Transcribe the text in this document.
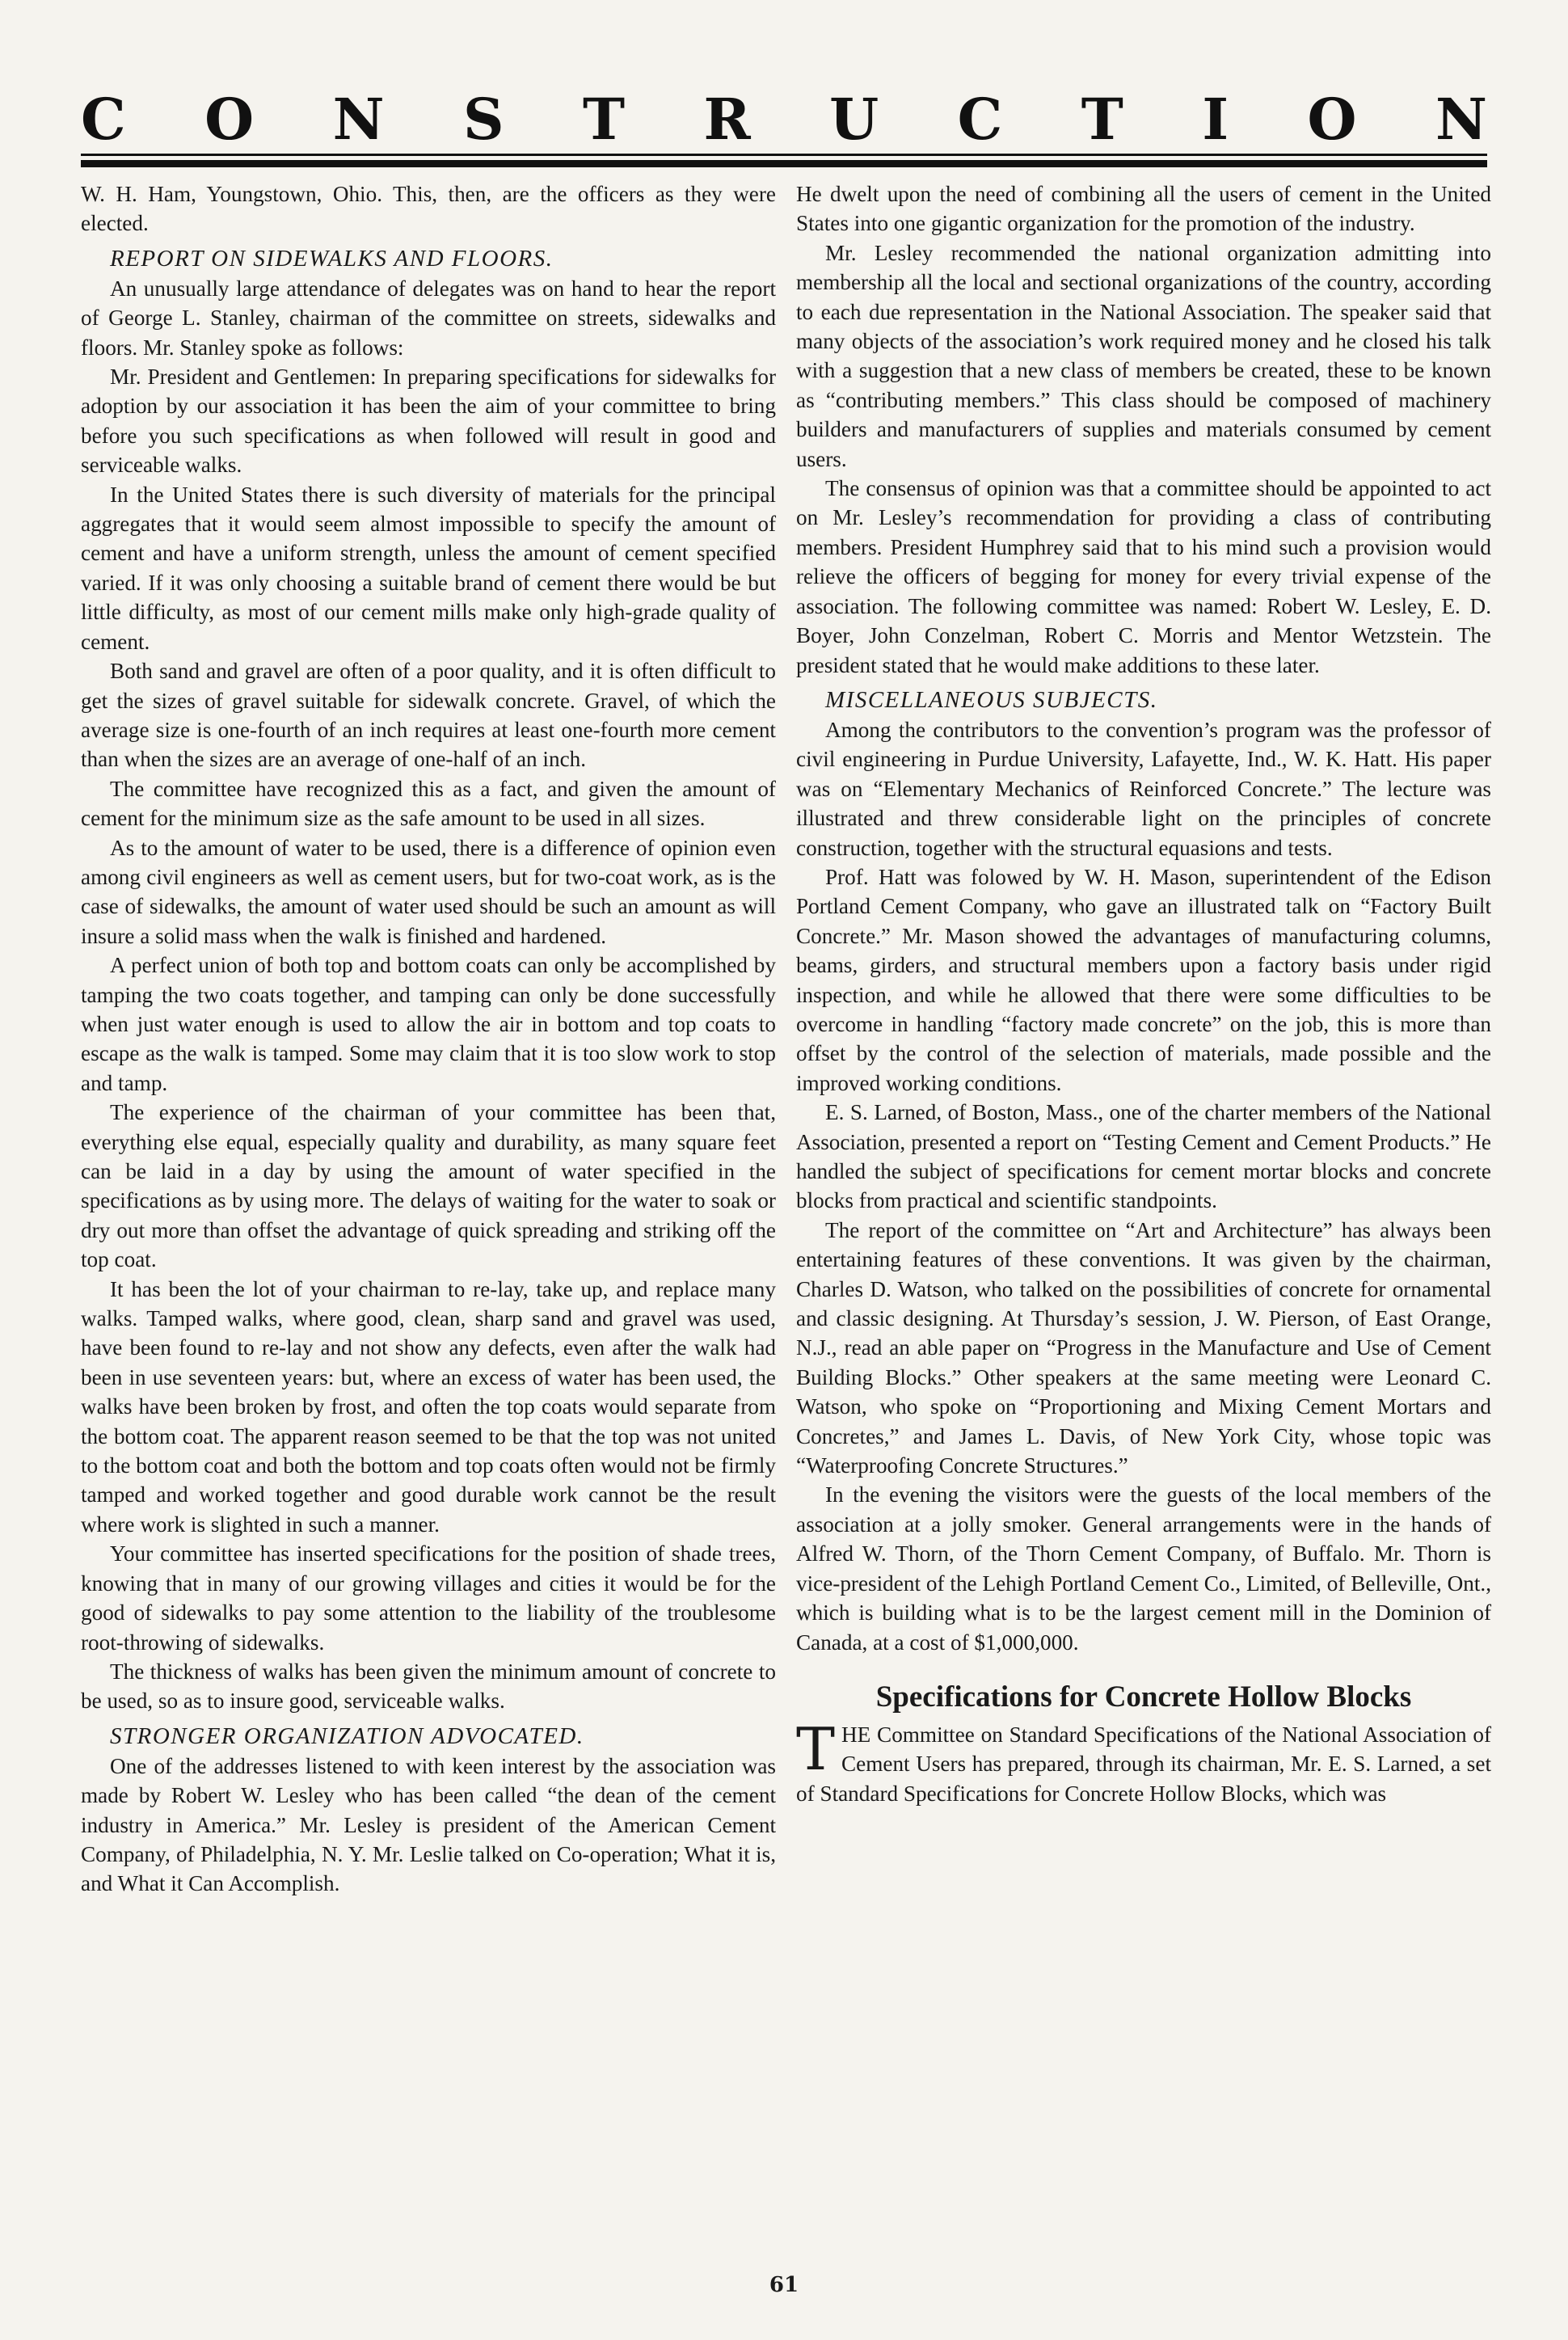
C O N S T R U C T I O N

W. H. Ham, Youngstown, Ohio. This, then, are the officers as they were elected.

REPORT ON SIDEWALKS AND FLOORS.

An unusually large attendance of delegates was on hand to hear the report of George L. Stanley, chairman of the committee on streets, sidewalks and floors. Mr. Stanley spoke as follows:

Mr. President and Gentlemen: In preparing specifications for sidewalks for adoption by our association it has been the aim of your committee to bring before you such specifications as when followed will result in good and serviceable walks.

In the United States there is such diversity of materials for the principal aggregates that it would seem almost impossible to specify the amount of cement and have a uniform strength, unless the amount of cement specified varied. If it was only choosing a suitable brand of cement there would be but little difficulty, as most of our cement mills make only high-grade quality of cement.

Both sand and gravel are often of a poor quality, and it is often difficult to get the sizes of gravel suitable for sidewalk concrete. Gravel, of which the average size is one-fourth of an inch requires at least one-fourth more cement than when the sizes are an average of one-half of an inch.

The committee have recognized this as a fact, and given the amount of cement for the minimum size as the safe amount to be used in all sizes.

As to the amount of water to be used, there is a difference of opinion even among civil engineers as well as cement users, but for two-coat work, as is the case of sidewalks, the amount of water used should be such an amount as will insure a solid mass when the walk is finished and hardened.

A perfect union of both top and bottom coats can only be accomplished by tamping the two coats together, and tamping can only be done successfully when just water enough is used to allow the air in bottom and top coats to escape as the walk is tamped. Some may claim that it is too slow work to stop and tamp.

The experience of the chairman of your committee has been that, everything else equal, especially quality and durability, as many square feet can be laid in a day by using the amount of water specified in the specifications as by using more. The delays of waiting for the water to soak or dry out more than offset the advantage of quick spreading and striking off the top coat.

It has been the lot of your chairman to re-lay, take up, and replace many walks. Tamped walks, where good, clean, sharp sand and gravel was used, have been found to re-lay and not show any defects, even after the walk had been in use seventeen years: but, where an excess of water has been used, the walks have been broken by frost, and often the top coats would separate from the bottom coat. The apparent reason seemed to be that the top was not united to the bottom coat and both the bottom and top coats often would not be firmly tamped and worked together and good durable work cannot be the result where work is slighted in such a manner.

Your committee has inserted specifications for the position of shade trees, knowing that in many of our growing villages and cities it would be for the good of sidewalks to pay some attention to the liability of the troublesome root-throwing of sidewalks.

The thickness of walks has been given the minimum amount of concrete to be used, so as to insure good, serviceable walks.

STRONGER ORGANIZATION ADVOCATED.

One of the addresses listened to with keen interest by the association was made by Robert W. Lesley who has been called “the dean of the cement industry in America.” Mr. Lesley is president of the American Cement Company, of Philadelphia, N. Y. Mr. Leslie talked on Co-operation; What it is, and What it Can Accomplish.

He dwelt upon the need of combining all the users of cement in the United States into one gigantic organization for the promotion of the industry.

Mr. Lesley recommended the national organization admitting into membership all the local and sectional organizations of the country, according to each due representation in the National Association. The speaker said that many objects of the association’s work required money and he closed his talk with a suggestion that a new class of members be created, these to be known as “contributing members.” This class should be composed of machinery builders and manufacturers of supplies and materials consumed by cement users.

The consensus of opinion was that a committee should be appointed to act on Mr. Lesley’s recommendation for providing a class of contributing members. President Humphrey said that to his mind such a provision would relieve the officers of begging for money for every trivial expense of the association. The following committee was named: Robert W. Lesley, E. D. Boyer, John Conzelman, Robert C. Morris and Mentor Wetzstein. The president stated that he would make additions to these later.

MISCELLANEOUS SUBJECTS.

Among the contributors to the convention’s program was the professor of civil engineering in Purdue University, Lafayette, Ind., W. K. Hatt. His paper was on “Elementary Mechanics of Reinforced Concrete.” The lecture was illustrated and threw considerable light on the principles of concrete construction, together with the structural equasions and tests.

Prof. Hatt was folowed by W. H. Mason, superintendent of the Edison Portland Cement Company, who gave an illustrated talk on “Factory Built Concrete.” Mr. Mason showed the advantages of manufacturing columns, beams, girders, and structural members upon a factory basis under rigid inspection, and while he allowed that there were some difficulties to be overcome in handling “factory made concrete” on the job, this is more than offset by the control of the selection of materials, made possible and the improved working conditions.

E. S. Larned, of Boston, Mass., one of the charter members of the National Association, presented a report on “Testing Cement and Cement Products.” He handled the subject of specifications for cement mortar blocks and concrete blocks from practical and scientific standpoints.

The report of the committee on “Art and Architecture” has always been entertaining features of these conventions. It was given by the chairman, Charles D. Watson, who talked on the possibilities of concrete for ornamental and classic designing. At Thursday’s session, J. W. Pierson, of East Orange, N.J., read an able paper on “Progress in the Manufacture and Use of Cement Building Blocks.” Other speakers at the same meeting were Leonard C. Watson, who spoke on “Proportioning and Mixing Cement Mortars and Concretes,” and James L. Davis, of New York City, whose topic was “Waterproofing Concrete Structures.”

In the evening the visitors were the guests of the local members of the association at a jolly smoker. General arrangements were in the hands of Alfred W. Thorn, of the Thorn Cement Company, of Buffalo. Mr. Thorn is vice-president of the Lehigh Portland Cement Co., Limited, of Belleville, Ont., which is building what is to be the largest cement mill in the Dominion of Canada, at a cost of $1,000,000.

Specifications for Concrete Hollow Blocks

THE Committee on Standard Specifications of the National Association of Cement Users has prepared, through its chairman, Mr. E. S. Larned, a set of Standard Specifications for Concrete Hollow Blocks, which was

61
